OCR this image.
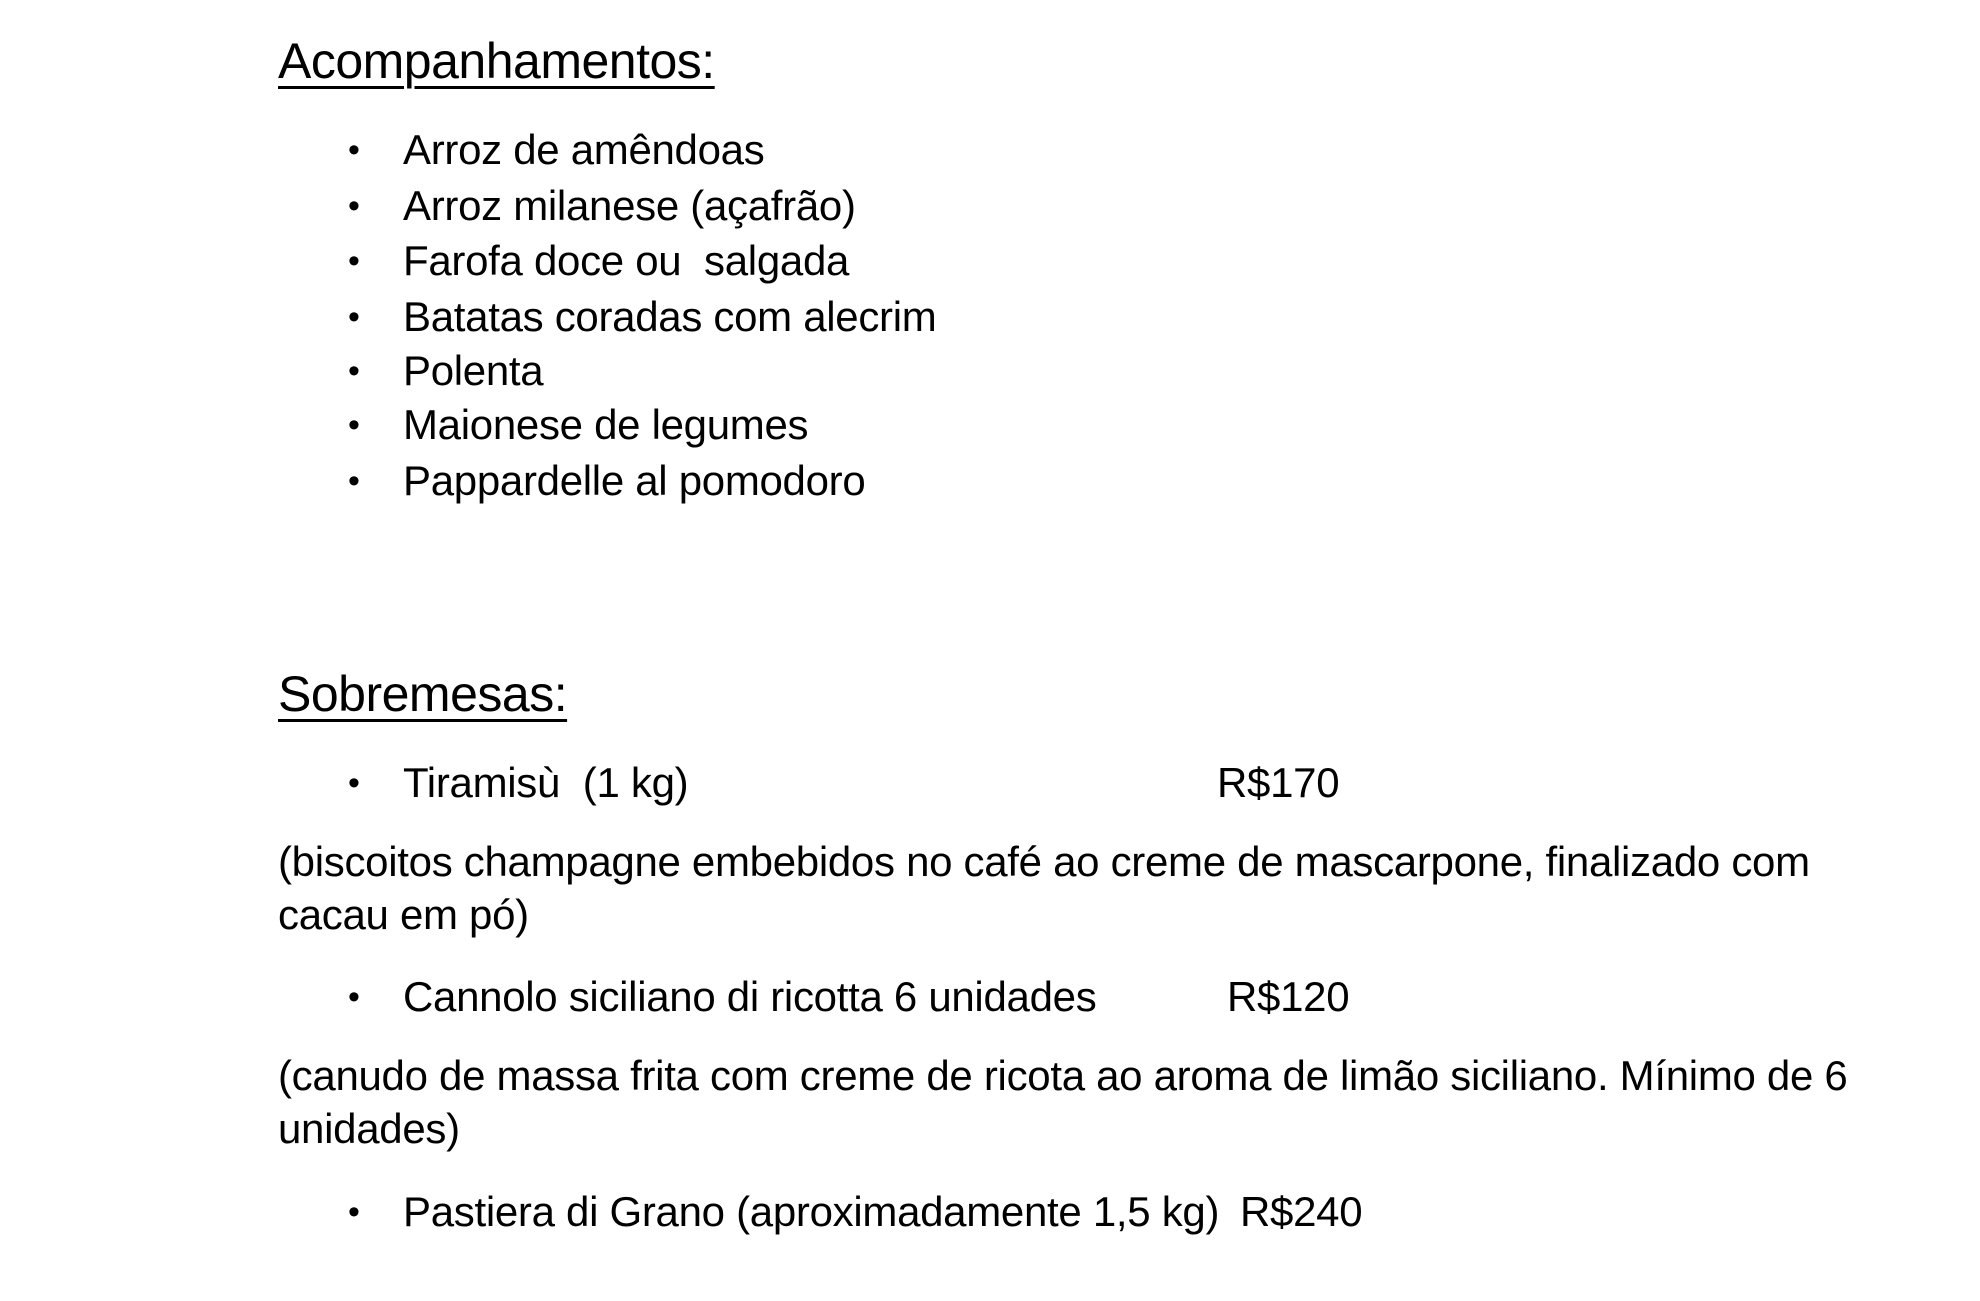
Acompanhamentos:
• Arroz de amêndoas
• Arroz milanese (açafrão)
• Farofa doce ou  salgada
• Batatas coradas com alecrim
• Polenta
• Maionese de legumes
• Pappardelle al pomodoro
Sobremesas:
• Tiramisù  (1 kg)	R$170
(biscoitos champagne embebidos no café ao creme de mascarpone, finalizado com
cacau em pó)
• Cannolo siciliano di ricotta 6 unidades	R$120
(canudo de massa frita com creme de ricota ao aroma de limão siciliano. Mínimo de 6
unidades)
• Pastiera di Grano (aproximadamente 1,5 kg) R$240
